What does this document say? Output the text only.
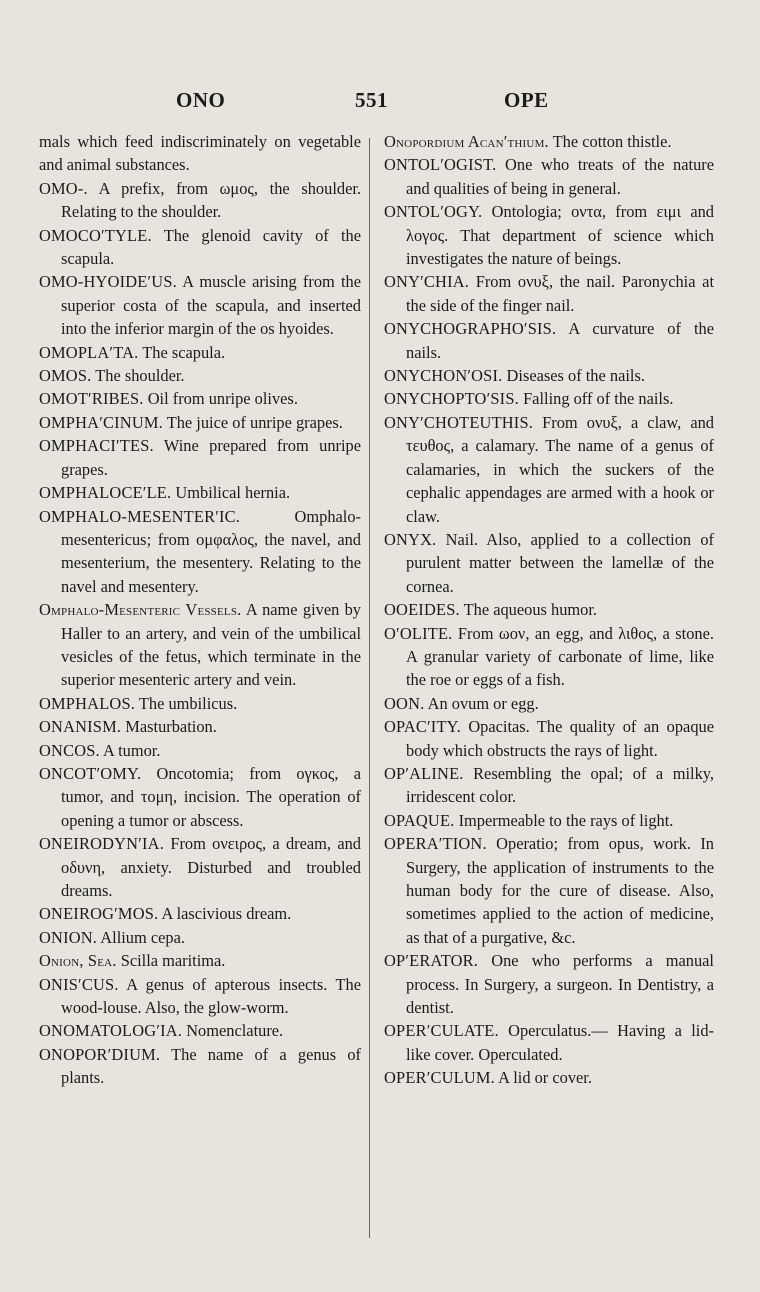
ONO	551	OPE

mals which feed indiscriminately on vegetable and animal substances.

OMO-. A prefix, from ωμος, the shoulder. Relating to the shoulder.

OMOCO′TYLE. The glenoid cavity of the scapula.

OMO-HYOIDE′US. A muscle arising from the superior costa of the scapula, and inserted into the inferior margin of the os hyoides.

OMOPLA′TA. The scapula.

OMOS. The shoulder.

OMOT′RIBES. Oil from unripe olives.

OMPHA′CINUM. The juice of unripe grapes.

OMPHACI′TES. Wine prepared from unripe grapes.

OMPHALOCE′LE. Umbilical hernia.

OMPHALO-MESENTER′IC. Omphalo-mesentericus; from ομφαλος, the navel, and mesenterium, the mesentery. Relating to the navel and mesentery.

Omphalo-Mesenteric Vessels. A name given by Haller to an artery, and vein of the umbilical vesicles of the fetus, which terminate in the superior mesenteric artery and vein.

OMPHALOS. The umbilicus.

ONANISM. Masturbation.

ONCOS. A tumor.

ONCOT′OMY. Oncotomia; from ογκος, a tumor, and τομη, incision. The operation of opening a tumor or abscess.

ONEIRODYN′IA. From ονειρος, a dream, and οδυνη, anxiety. Disturbed and troubled dreams.

ONEIROG′MOS. A lascivious dream.

ONION. Allium cepa.

Onion, Sea. Scilla maritima.

ONIS′CUS. A genus of apterous insects. The wood-louse. Also, the glow-worm.

ONOMATOLOG′IA. Nomenclature.

ONOPOR′DIUM. The name of a genus of plants.

Onopordium Acan′thium. The cotton thistle.

ONTOL′OGIST. One who treats of the nature and qualities of being in general.

ONTOL′OGY. Ontologia; οντα, from ειμι and λογος. That department of science which investigates the nature of beings.

ONY′CHIA. From ονυξ, the nail. Paronychia at the side of the finger nail.

ONYCHOGRAPHO′SIS. A curvature of the nails.

ONYCHON′OSI. Diseases of the nails.

ONYCHOPTO′SIS. Falling off of the nails.

ONY′CHOTEUTHIS. From ονυξ, a claw, and τευθος, a calamary. The name of a genus of calamaries, in which the suckers of the cephalic appendages are armed with a hook or claw.

ONYX. Nail. Also, applied to a collection of purulent matter between the lamellæ of the cornea.

OOEIDES. The aqueous humor.

O′OLITE. From ωον, an egg, and λιθος, a stone. A granular variety of carbonate of lime, like the roe or eggs of a fish.

OON. An ovum or egg.

OPAC′ITY. Opacitas. The quality of an opaque body which obstructs the rays of light.

OP′ALINE. Resembling the opal; of a milky, irridescent color.

OPAQUE. Impermeable to the rays of light.

OPERA′TION. Operatio; from opus, work. In Surgery, the application of instruments to the human body for the cure of disease. Also, sometimes applied to the action of medicine, as that of a purgative, &c.

OP′ERATOR. One who performs a manual process. In Surgery, a surgeon. In Dentistry, a dentist.

OPER′CULATE. Operculatus.— Having a lid-like cover. Operculated.

OPER′CULUM. A lid or cover.
